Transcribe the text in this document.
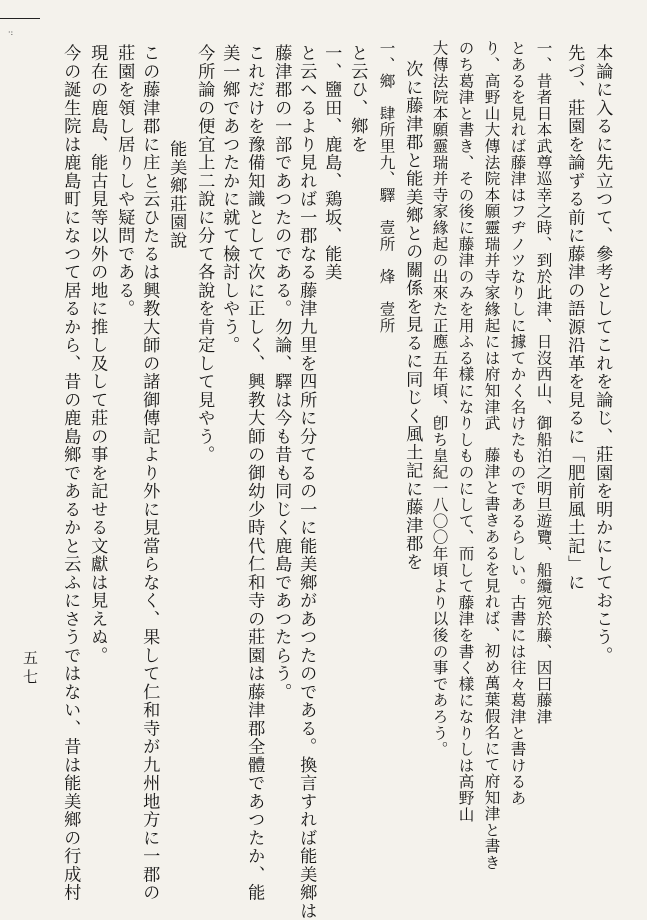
·:
本論に入るに先立つて、參考としてこれを論じ、莊園を明かにしておこう。
先づ、莊園を論ずる前に藤津の語源沿革を見るに「肥前風土記」に
一、昔者日本武尊巡幸之時、到於此津、日沒西山、御船泊之明旦遊覽、船纜宛於藤、因曰藤津
とあるを見れば藤津はフヂノツなりしに據てかく名けたものであるらしい。古書には往々葛津と書けるあ
り、高野山大傳法院本願靈瑞并寺家緣起には府知津武ᅟ藤津と書きあるを見れば、初め萬葉假名にて府知津と書き
のち葛津と書き、その後に藤津のみを用ふる樣になりしものにして、而して藤津を書く樣になりしは高野山
大傳法院本願靈瑞并寺家緣起の出來た正應五年頃、卽ち皇紀一八〇〇年頃より以後の事であろう。
次に藤津郡と能美鄉との關係を見るに同じく風土記に藤津郡を
一、鄉　肆所里九、驛　壹所　烽　壹所
と云ひ、鄉を
一、鹽田、鹿島、鶏坂、能美
と云へるより見れば一郡なる藤津九里を四所に分てるの一に能美鄉があつたのである。換言すれば能美鄉は
藤津郡の一部であつたのである。勿論、驛は今も昔も同じく鹿島であつたらう。
これだけを豫備知識として次に正しく、興教大師の御幼少時代仁和寺の莊園は藤津郡全體であつたか、能
美一鄉であつたかに就て檢討しやう。
今所論の便宜上二說に分て各說を肯定して見やう。
能美鄉莊園說
この藤津郡に庄と云ひたるは興教大師の諸御傳記より外に見當らなく、果して仁和寺が九州地方に一郡の
莊園を領し居りしや疑問である。
現在の鹿島、能古見等以外の地に推し及して莊の事を記せる文獻は見えぬ。
今の誕生院は鹿島町になつて居るから、昔の鹿島鄉であるかと云ふにさうではない、昔は能美鄉の行成村
五七
